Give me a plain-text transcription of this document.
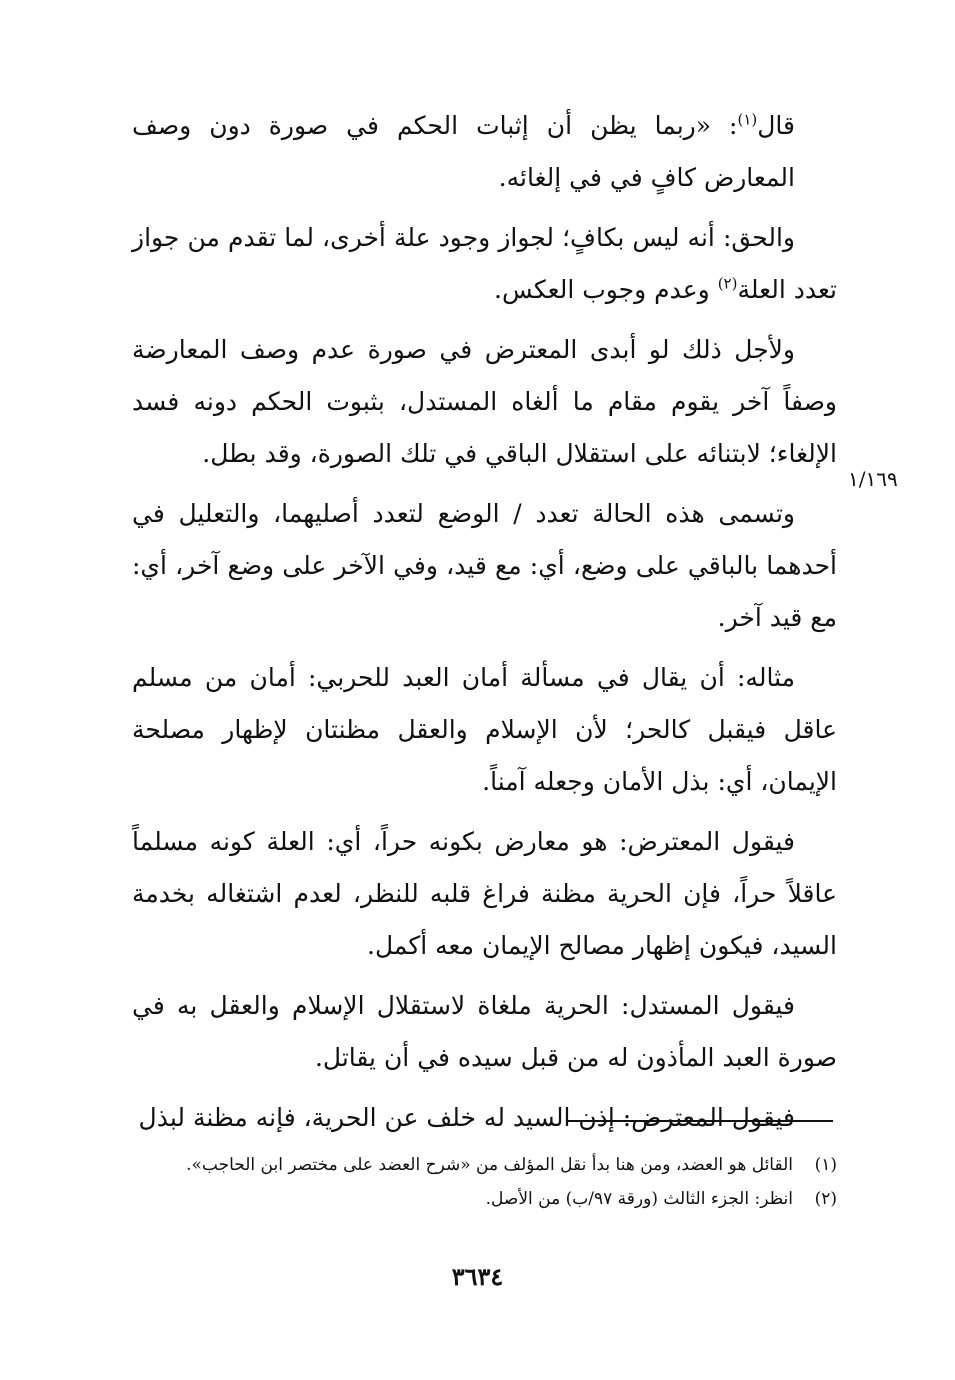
١/١٦٩

قال$^{(١)}$: «ربما يظن أن إثبات الحكم في صورة دون وصف المعارض كافٍ في في إلغائه.

والحق: أنه ليس بكافٍ؛ لجواز وجود علة أخرى، لما تقدم من جواز تعدد العلة$^{(٢)}$ وعدم وجوب العكس.

ولأجل ذلك لو أبدى المعترض في صورة عدم وصف المعارضة وصفاً آخر يقوم مقام ما ألغاه المستدل، بثبوت الحكم دونه فسد الإلغاء؛ لابتنائه على استقلال الباقي في تلك الصورة، وقد بطل.

وتسمى هذه الحالة تعدد / الوضع لتعدد أصليهما، والتعليل في أحدهما بالباقي على وضع، أي: مع قيد، وفي الآخر على وضع آخر، أي: مع قيد آخر.

مثاله: أن يقال في مسألة أمان العبد للحربي: أمان من مسلم عاقل فيقبل كالحر؛ لأن الإسلام والعقل مظنتان لإظهار مصلحة الإيمان، أي: بذل الأمان وجعله آمناً.

فيقول المعترض: هو معارض بكونه حراً، أي: العلة كونه مسلماً عاقلاً حراً، فإن الحرية مظنة فراغ قلبه للنظر، لعدم اشتغاله بخدمة السيد، فيكون إظهار مصالح الإيمان معه أكمل.

فيقول المستدل: الحرية ملغاة لاستقلال الإسلام والعقل به في صورة العبد المأذون له من قبل سيده في أن يقاتل.

فيقول المعترض: إذن السيد له خلف عن الحرية، فإنه مظنة لبذل

(١)القائل هو العضد، ومن هنا بدأ نقل المؤلف من «شرح العضد على مختصر ابن الحاجب».
(٢)انظر: الجزء الثالث (ورقة ٩٧/ب) من الأصل.
٣٦٣٤
